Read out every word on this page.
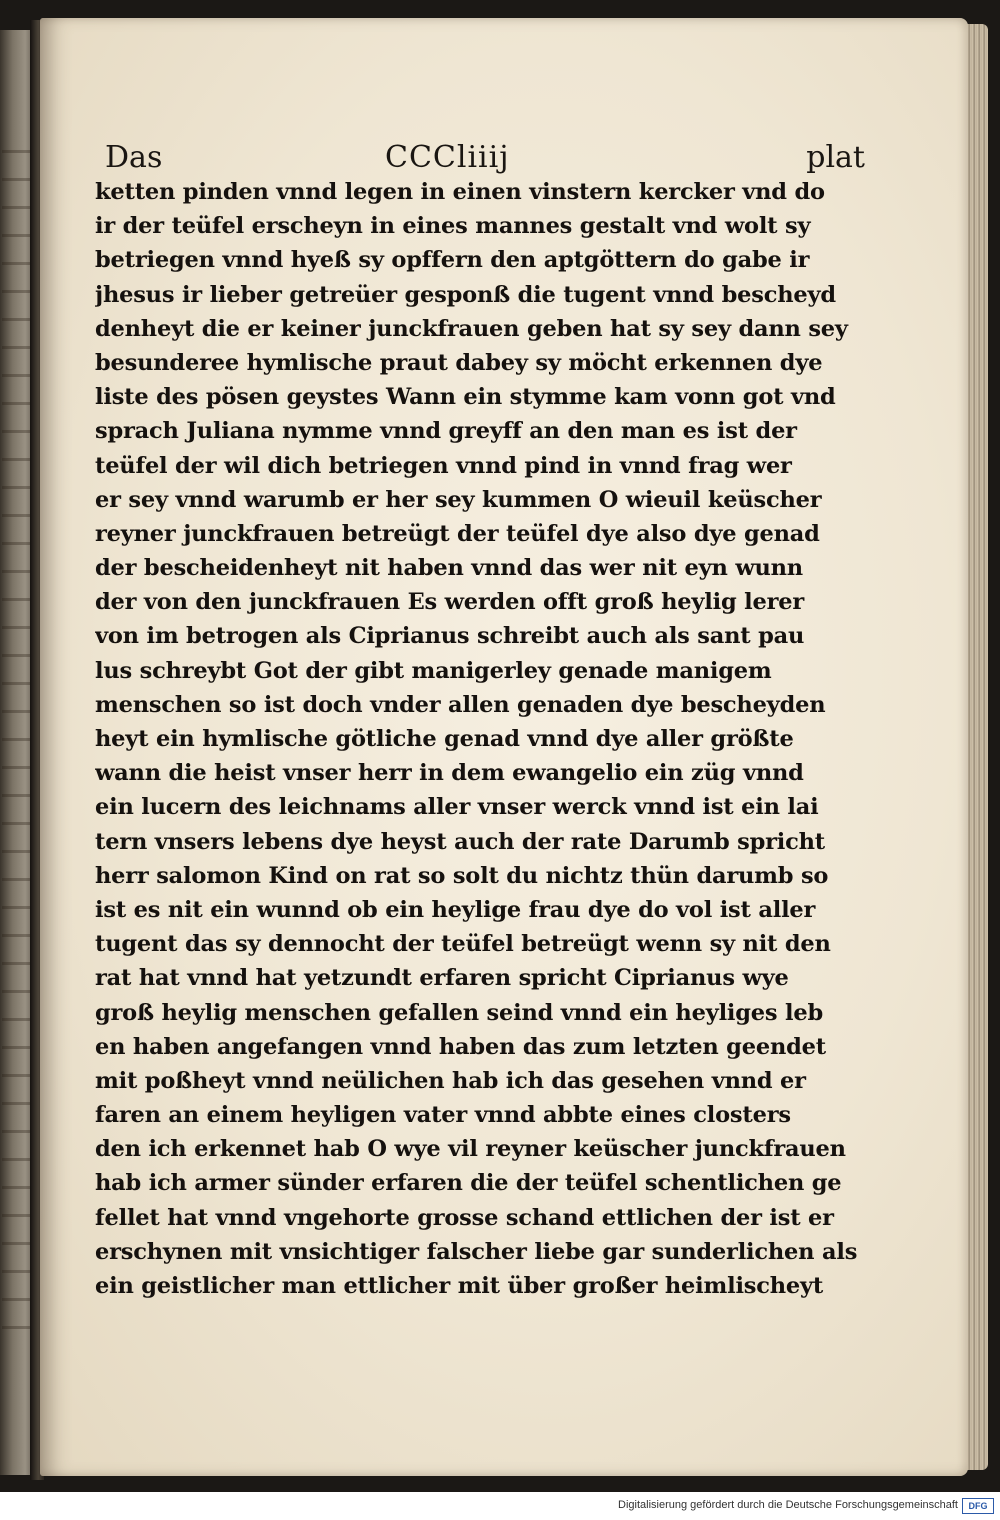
Das	CCCliiij	plat
ketten pinden vnnd legen in einen vinstern kercker vnd do
ir der teüfel erscheyn in eines mannes gestalt vnd wolt sy
betriegen vnnd hyeß sy opffern den aptgöttern do gabe ir
jhesus ir lieber getreüer gesponß die tugent vnnd bescheyd
denheyt die er keiner junckfrauen geben hat sy sey dann sey
besunderee hymlische praut dabey sy möcht erkennen dye
liste des pösen geystes Wann ein stymme kam vonn got vnd
sprach Juliana nymme vnnd greyff an den man es ist der
teüfel der wil dich betriegen vnnd pind in vnnd frag wer
er sey vnnd warumb er her sey kummen O wieuil keüscher
reyner junckfrauen betreügt der teüfel dye also dye genad
der bescheidenheyt nit haben vnnd das wer nit eyn wunn
der von den junckfrauen Es werden offt groß heylig lerer
von im betrogen als Ciprianus schreibt auch als sant pau
lus schreybt Got der gibt manigerley genade manigem
menschen so ist doch vnder allen genaden dye bescheyden
heyt ein hymlische götliche genad vnnd dye aller größte
wann die heist vnser herr in dem ewangelio ein züg vnnd
ein lucern des leichnams aller vnser werck vnnd ist ein lai
tern vnsers lebens dye heyst auch der rate Darumb spricht
herr salomon Kind on rat so solt du nichtz thün darumb so
ist es nit ein wunnd ob ein heylige frau dye do vol ist aller
tugent das sy dennocht der teüfel betreügt wenn sy nit den
rat hat vnnd hat yetzundt erfaren spricht Ciprianus wye
groß heylig menschen gefallen seind vnnd ein heyliges leb
en haben angefangen vnnd haben das zum letzten geendet
mit poßheyt vnnd neülichen hab ich das gesehen vnnd er
faren an einem heyligen vater vnnd abbte eines closters
den ich erkennet hab O wye vil reyner keüscher junckfrauen
hab ich armer sünder erfaren die der teüfel schentlichen ge
fellet hat vnnd vngehorte grosse schand ettlichen der ist er
erschynen mit vnsichtiger falscher liebe gar sunderlichen als
ein geistlicher man ettlicher mit über großer heimlischeyt
Digitalisierung gefördert durch die Deutsche Forschungsgemeinschaft	DFG
